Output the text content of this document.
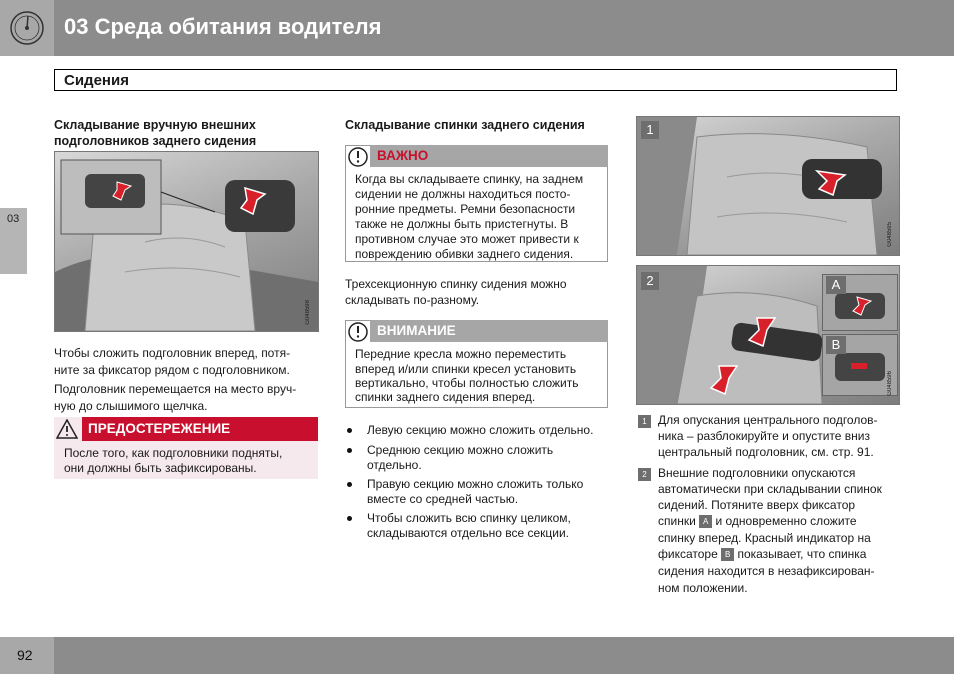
03 Среда обитания водителя
Сидения
03
Складывание вручную внешних
подголовников заднего сидения
G048598
Чтобы сложить подголовник вперед, потя-
ните за фиксатор рядом с подголовником.
Подголовник перемещается на место вруч-
ную до слышимого щелчка.
ПРЕДОСТЕРЕЖЕНИЕ
После того, как подголовники подняты,
они должны быть зафиксированы.
Складывание спинки заднего сидения
ВАЖНО
Когда вы складываете спинку, на заднем
сидении не должны находиться посто-
ронние предметы. Ремни безопасности
также не должны быть пристегнуты. В
противном случае это может привести к
повреждению обивки заднего сидения.
Трехсекционную спинку сидения можно
складывать по-разному.
ВНИМАНИЕ
Передние кресла можно переместить
вперед и/или спинки кресел установить
вертикально, чтобы полностью сложить
спинки заднего сидения вперед.
Левую секцию можно сложить отдельно.
Среднюю секцию можно сложить
отдельно.
Правую секцию можно сложить только
вместе со средней частью.
Чтобы сложить всю спинку целиком,
складываются отдельно все секции.
1
G048595
2	A
B
G048596
1 Для опускания центрального подголов-
ника – разблокируйте и опустите вниз
центральный подголовник, см. стр. 91.
2 Внешние подголовники опускаются
автоматически при складывании спинок
сидений. Потяните вверх фиксатор
спинки A и одновременно сложите
спинку вперед. Красный индикатор на
фиксаторе B показывает, что спинка
сидения находится в незафиксирован-
ном положении.
92
